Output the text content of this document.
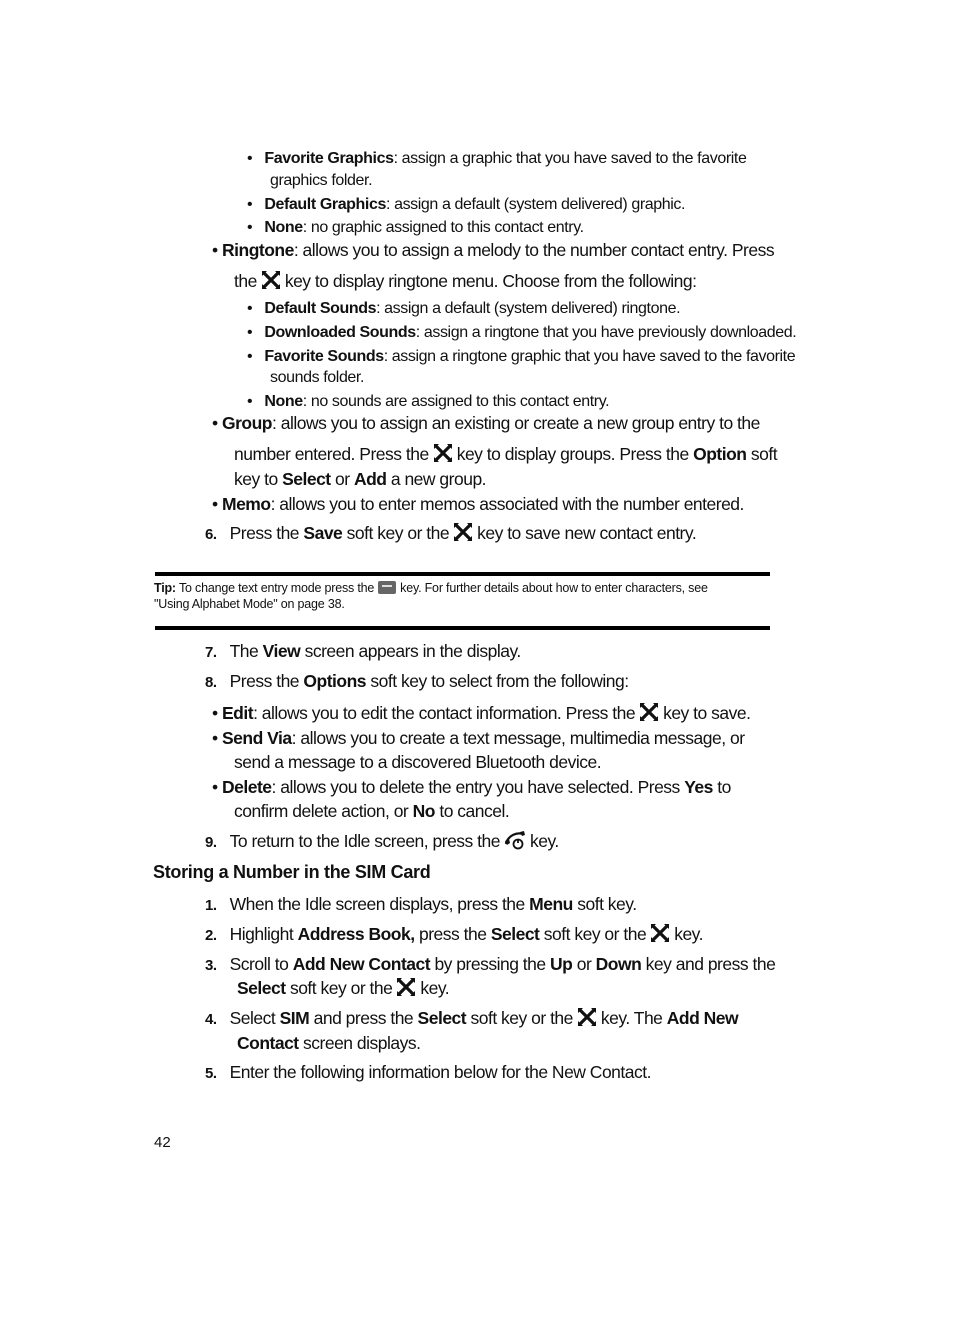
• Favorite Graphics: assign a graphic that you have saved to the favorite
graphics folder.
• Default Graphics: assign a default (system delivered) graphic.
• None: no graphic assigned to this contact entry.
• Ringtone: allows you to assign a melody to the number contact entry. Press
the key to display ringtone menu. Choose from the following:
• Default Sounds: assign a default (system delivered) ringtone.
• Downloaded Sounds: assign a ringtone that you have previously downloaded.
• Favorite Sounds: assign a ringtone graphic that you have saved to the favorite
sounds folder.
• None: no sounds are assigned to this contact entry.
• Group: allows you to assign an existing or create a new group entry to the
number entered. Press the key to display groups. Press the Option soft
key to Select or Add a new group.
• Memo: allows you to enter memos associated with the number entered.
6. Press the Save soft key or the key to save new contact entry.
Tip: To change text entry mode press the key. For further details about how to enter characters, see
"Using Alphabet Mode" on page 38.
7. The View screen appears in the display.
8. Press the Options soft key to select from the following:
• Edit: allows you to edit the contact information. Press the key to save.
• Send Via: allows you to create a text message, multimedia message, or
send a message to a discovered Bluetooth device.
• Delete: allows you to delete the entry you have selected. Press Yes to
confirm delete action, or No to cancel.
9. To return to the Idle screen, press the key.
Storing a Number in the SIM Card
1. When the Idle screen displays, press the Menu soft key.
2. Highlight Address Book, press the Select soft key or the key.
3. Scroll to Add New Contact by pressing the Up or Down key and press the
Select soft key or the key.
4. Select SIM and press the Select soft key or the key. The Add New
Contact screen displays.
5. Enter the following information below for the New Contact.
42
